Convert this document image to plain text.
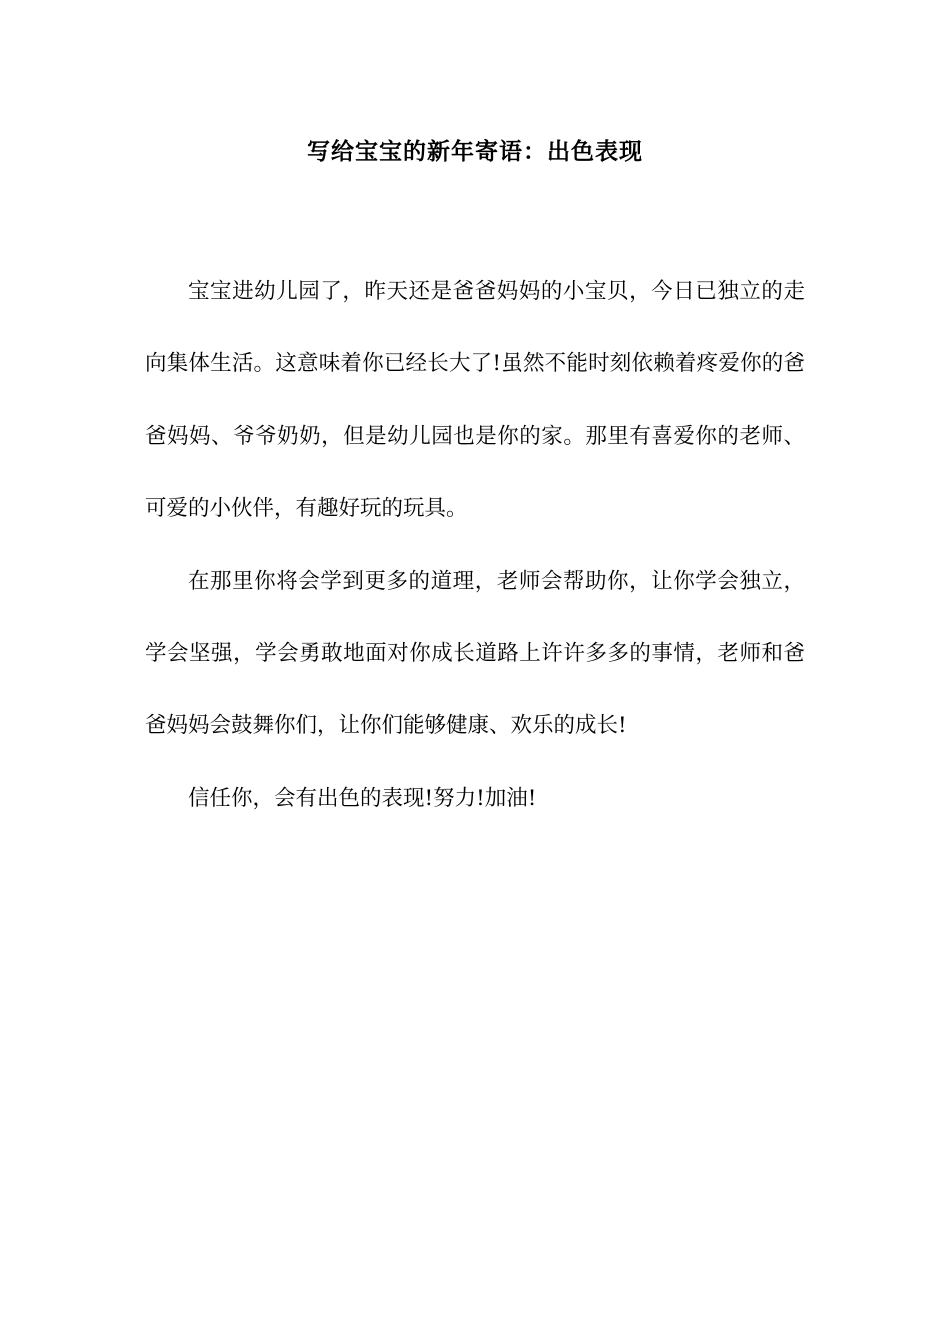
写给宝宝的新年寄语：出色表现

宝宝进幼儿园了，昨天还是爸爸妈妈的小宝贝，今日已独立的走向集体生活。这意味着你已经长大了!虽然不能时刻依赖着疼爱你的爸爸妈妈、爷爷奶奶，但是幼儿园也是你的家。那里有喜爱你的老师、可爱的小伙伴，有趣好玩的玩具。

在那里你将会学到更多的道理，老师会帮助你，让你学会独立，学会坚强，学会勇敢地面对你成长道路上许许多多的事情，老师和爸爸妈妈会鼓舞你们，让你们能够健康、欢乐的成长!

信任你，会有出色的表现!努力!加油!
